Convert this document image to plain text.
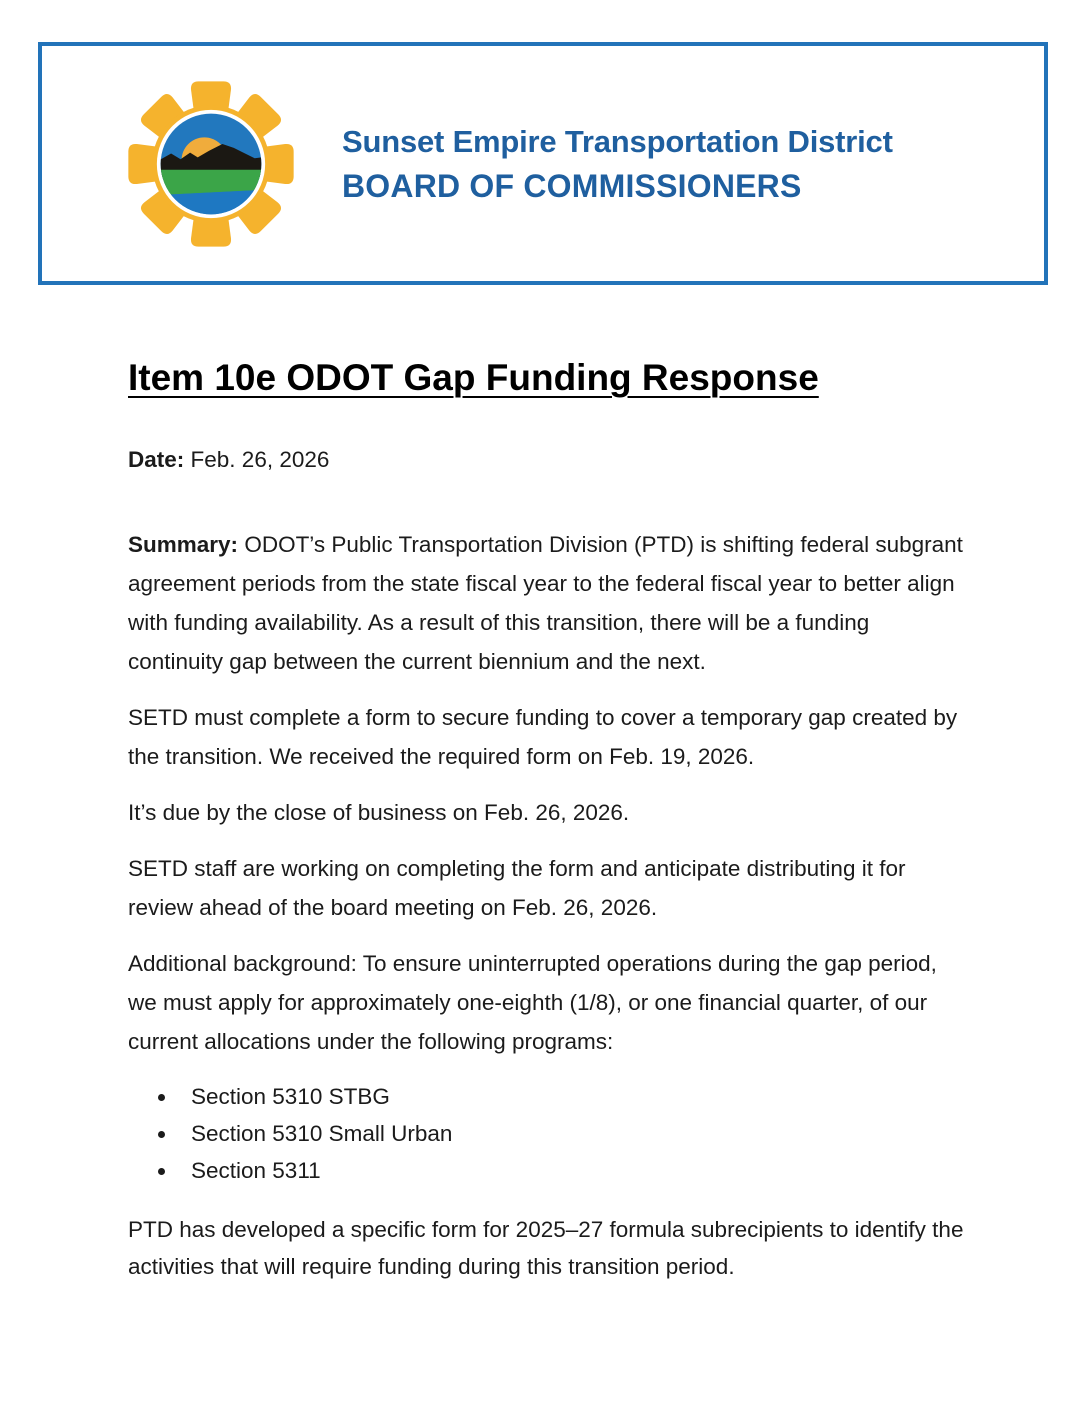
Sunset Empire Transportation District
BOARD OF COMMISSIONERS
Item 10e ODOT Gap Funding Response

Date: Feb. 26, 2026

Summary: ODOT’s Public Transportation Division (PTD) is shifting federal subgrant agreement periods from the state fiscal year to the federal fiscal year to better align with funding availability. As a result of this transition, there will be a funding continuity gap between the current biennium and the next.

SETD must complete a form to secure funding to cover a temporary gap created by the transition. We received the required form on Feb. 19, 2026.

It’s due by the close of business on Feb. 26, 2026.

SETD staff are working on completing the form and anticipate distributing it for review ahead of the board meeting on Feb. 26, 2026.

Additional background: To ensure uninterrupted operations during the gap period, we must apply for approximately one-eighth (1/8), or one financial quarter, of our current allocations under the following programs:

• Section 5310 STBG
• Section 5310 Small Urban
• Section 5311

PTD has developed a specific form for 2025–27 formula subrecipients to identify the activities that will require funding during this transition period.
